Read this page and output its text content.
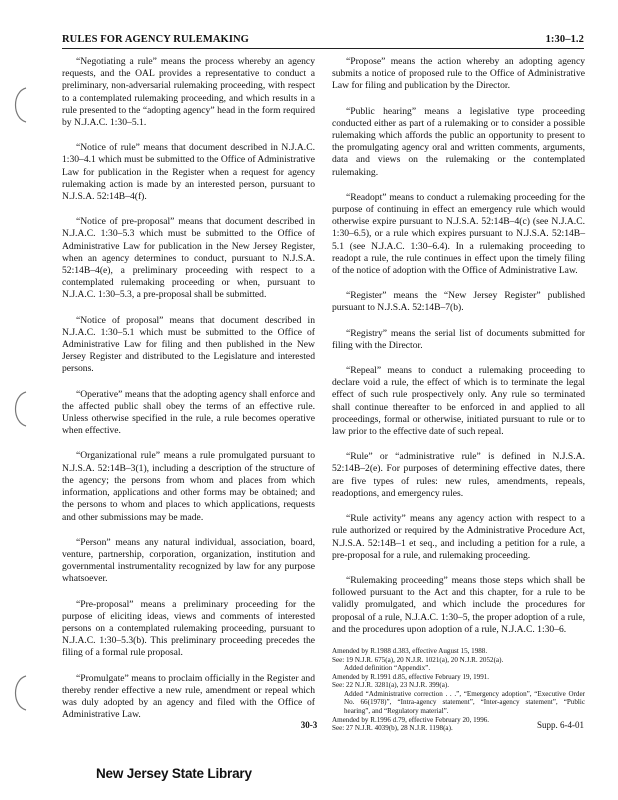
RULES FOR AGENCY RULEMAKING	1:30–1.2

“Negotiating a rule” means the process whereby an agency requests, and the OAL provides a representative to conduct a preliminary, non-adversarial rulemaking proceeding, with respect to a contemplated rulemaking proceeding, and which results in a rule presented to the “adopting agency” head in the form required by N.J.A.C. 1:30–5.1.

“Notice of rule” means that document described in N.J.A.C. 1:30–4.1 which must be submitted to the Office of Administrative Law for publication in the Register when a request for agency rulemaking action is made by an interested person, pursuant to N.J.S.A. 52:14B–4(f).

“Notice of pre-proposal” means that document described in N.J.A.C. 1:30–5.3 which must be submitted to the Office of Administrative Law for publication in the New Jersey Register, when an agency determines to conduct, pursuant to N.J.S.A. 52:14B–4(e), a preliminary proceeding with respect to a contemplated rulemaking proceeding or when, pursuant to N.J.A.C. 1:30–5.3, a pre-proposal shall be submitted.

“Notice of proposal” means that document described in N.J.A.C. 1:30–5.1 which must be submitted to the Office of Administrative Law for filing and then published in the New Jersey Register and distributed to the Legislature and interested persons.

“Operative” means that the adopting agency shall enforce and the affected public shall obey the terms of an effective rule. Unless otherwise specified in the rule, a rule becomes operative when effective.

“Organizational rule” means a rule promulgated pursuant to N.J.S.A. 52:14B–3(1), including a description of the structure of the agency; the persons from whom and places from which information, applications and other forms may be obtained; and the persons to whom and places to which applications, requests and other submissions may be made.

“Person” means any natural individual, association, board, venture, partnership, corporation, organization, institution and governmental instrumentality recognized by law for any purpose whatsoever.

“Pre-proposal” means a preliminary proceeding for the purpose of eliciting ideas, views and comments of interested persons on a contemplated rulemaking proceeding, pursuant to N.J.A.C. 1:30–5.3(b). This preliminary proceeding precedes the filing of a formal rule proposal.

“Promulgate” means to proclaim officially in the Register and thereby render effective a new rule, amendment or repeal which was duly adopted by an agency and filed with the Office of Administrative Law.

“Propose” means the action whereby an adopting agency submits a notice of proposed rule to the Office of Administrative Law for filing and publication by the Director.

“Public hearing” means a legislative type proceeding conducted either as part of a rulemaking or to consider a possible rulemaking which affords the public an opportunity to present to the promulgating agency oral and written comments, arguments, data and views on the rulemaking or the contemplated rulemaking.

“Readopt” means to conduct a rulemaking proceeding for the purpose of continuing in effect an emergency rule which would otherwise expire pursuant to N.J.S.A. 52:14B–4(c) (see N.J.A.C. 1:30–6.5), or a rule which expires pursuant to N.J.S.A. 52:14B–5.1 (see N.J.A.C. 1:30–6.4). In a rulemaking proceeding to readopt a rule, the rule continues in effect upon the timely filing of the notice of adoption with the Office of Administrative Law.

“Register” means the “New Jersey Register” published pursuant to N.J.S.A. 52:14B–7(b).

“Registry” means the serial list of documents submitted for filing with the Director.

“Repeal” means to conduct a rulemaking proceeding to declare void a rule, the effect of which is to terminate the legal effect of such rule prospectively only. Any rule so terminated shall continue thereafter to be enforced in and applied to all proceedings, formal or otherwise, initiated pursuant to rule or to law prior to the effective date of such repeal.

“Rule” or “administrative rule” is defined in N.J.S.A. 52:14B–2(e). For purposes of determining effective dates, there are five types of rules: new rules, amendments, repeals, readoptions, and emergency rules.

“Rule activity” means any agency action with respect to a rule authorized or required by the Administrative Procedure Act, N.J.S.A. 52:14B–1 et seq., and including a petition for a rule, a pre-proposal for a rule, and rulemaking proceeding.

“Rulemaking proceeding” means those steps which shall be followed pursuant to the Act and this chapter, for a rule to be validly promulgated, and which include the procedures for proposal of a rule, N.J.A.C. 1:30–5, the proper adoption of a rule, and the procedures upon adoption of a rule, N.J.A.C. 1:30–6.

Amended by R.1988 d.383, effective August 15, 1988.
See: 19 N.J.R. 675(a), 20 N.J.R. 1021(a), 20 N.J.R. 2052(a).
Added definition “Appendix”.
Amended by R.1991 d.85, effective February 19, 1991.
See: 22 N.J.R. 3281(a), 23 N.J.R. 399(a).
Added “Administrative correction . . .”, “Emergency adoption”, “Executive Order No. 66(1978)”, “Intra-agency statement”, “Inter-agency statement”, “Public hearing”, and “Regulatory material”.
Amended by R.1996 d.79, effective February 20, 1996.
See: 27 N.J.R. 4039(b), 28 N.J.R. 1198(a).
30-3	Supp. 6-4-01
New Jersey State Library
